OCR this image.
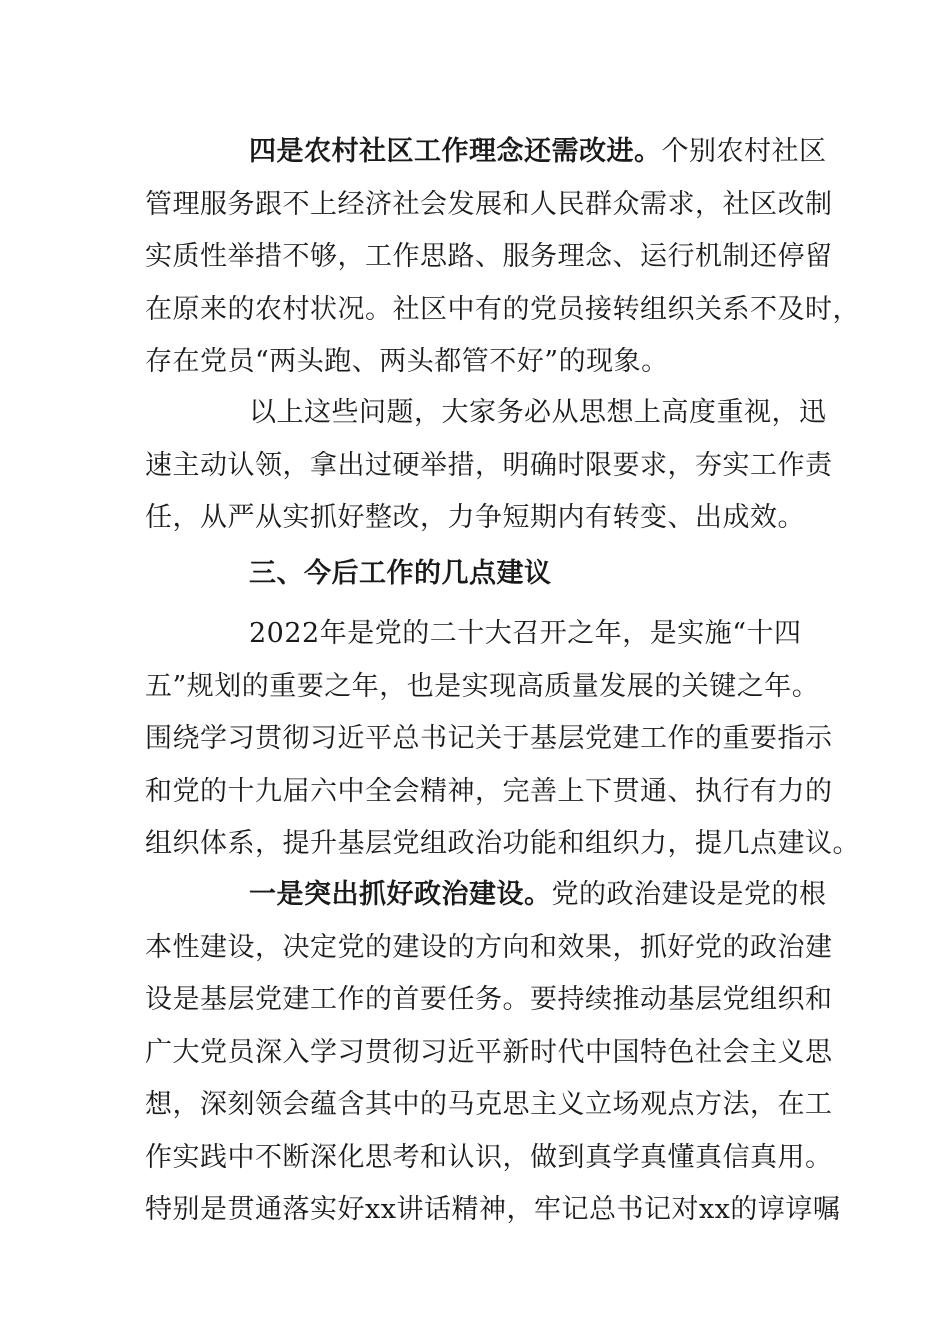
四是农村社区工作理念还需改进。个别农村社区
管理服务跟不上经济社会发展和人民群众需求，社区改制
实质性举措不够，工作思路、服务理念、运行机制还停留
在原来的农村状况。社区中有的党员接转组织关系不及时，
存在党员“两头跑、两头都管不好”的现象。
以上这些问题，大家务必从思想上高度重视，迅
速主动认领，拿出过硬举措，明确时限要求，夯实工作责
任，从严从实抓好整改，力争短期内有转变、出成效。
三、今后工作的几点建议
2022年是党的二十大召开之年，是实施“十四
五”规划的重要之年，也是实现高质量发展的关键之年。
围绕学习贯彻习近平总书记关于基层党建工作的重要指示
和党的十九届六中全会精神，完善上下贯通、执行有力的
组织体系，提升基层党组政治功能和组织力，提几点建议。
一是突出抓好政治建设。党的政治建设是党的根
本性建设，决定党的建设的方向和效果，抓好党的政治建
设是基层党建工作的首要任务。要持续推动基层党组织和
广大党员深入学习贯彻习近平新时代中国特色社会主义思
想，深刻领会蕴含其中的马克思主义立场观点方法，在工
作实践中不断深化思考和认识，做到真学真懂真信真用。
特别是贯通落实好xx讲话精神，牢记总书记对xx的谆谆嘱
